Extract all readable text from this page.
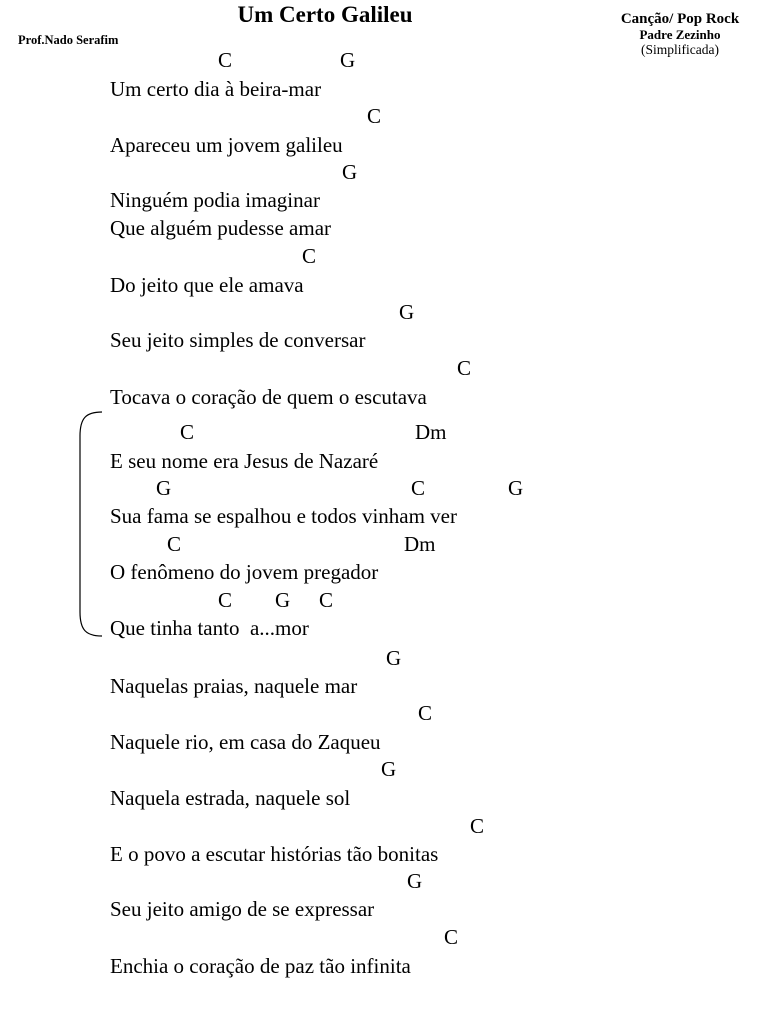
Um Certo Galileu
Prof.Nado Serafim
Canção/ Pop Rock
Padre Zezinho
(Simplificada)
C	G
Um certo dia à beira-mar
C
Apareceu um jovem galileu
G
Ninguém podia imaginar
Que alguém pudesse amar
C
Do jeito que ele amava
G
Seu jeito simples de conversar
C
Tocava o coração de quem o escutava
C	Dm
E seu nome era Jesus de Nazaré
G	C	G
Sua fama se espalhou e todos vinham ver
C	Dm
O fenômeno do jovem pregador
C G C
Que tinha tanto  a...mor
G
Naquelas praias, naquele mar
C
Naquele rio, em casa do Zaqueu
G
Naquela estrada, naquele sol
C
E o povo a escutar histórias tão bonitas
G
Seu jeito amigo de se expressar
C
Enchia o coração de paz tão infinita
